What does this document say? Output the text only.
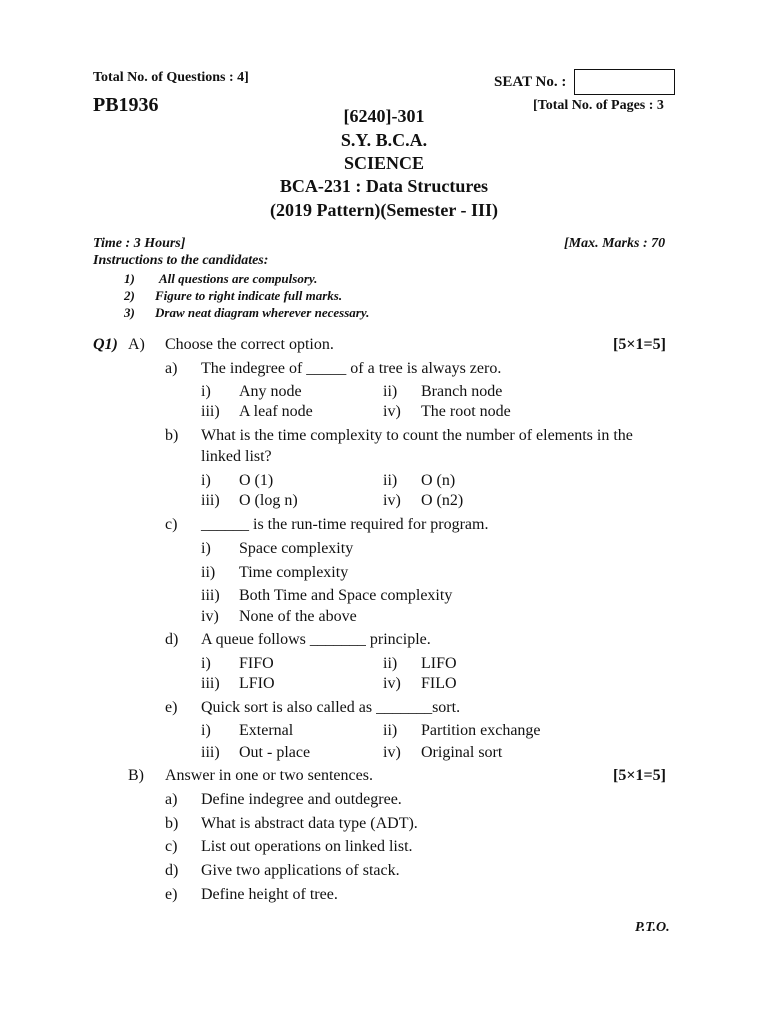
Total No. of Questions : 4]	SEAT No. :
PB1936	[Total No. of Pages : 3
[6240]-301
S.Y. B.C.A.
SCIENCE
BCA-231 : Data Structures
(2019 Pattern)(Semester - III)
Time : 3 Hours]	[Max. Marks : 70
Instructions to the candidates:
1) All questions are compulsory.
2) Figure to right indicate full marks.
3) Draw neat diagram wherever necessary.
Q1) A) Choose the correct option.	[5×1=5]
a) The indegree of _____ of a tree is always zero.
i) Any node	ii) Branch node
iii) A leaf node	iv) The root node
b) What is the time complexity to count the number of elements in the
linked list?
i) O (1)	ii) O (n)
iii) O (log n)	iv) O (n2)
c) ______ is the run-time required for program.
i) Space complexity
ii) Time complexity
iii) Both Time and Space complexity
iv) None of the above
d) A queue follows _______ principle.
i) FIFO	ii) LIFO
iii) LFIO	iv) FILO
e) Quick sort is also called as _______sort.
i) External	ii) Partition exchange
iii) Out - place	iv) Original sort
B) Answer in one or two sentences.	[5×1=5]
a) Define indegree and outdegree.
b) What is abstract data type (ADT).
c) List out operations on linked list.
d) Give two applications of stack.
e) Define height of tree.
P.T.O.
